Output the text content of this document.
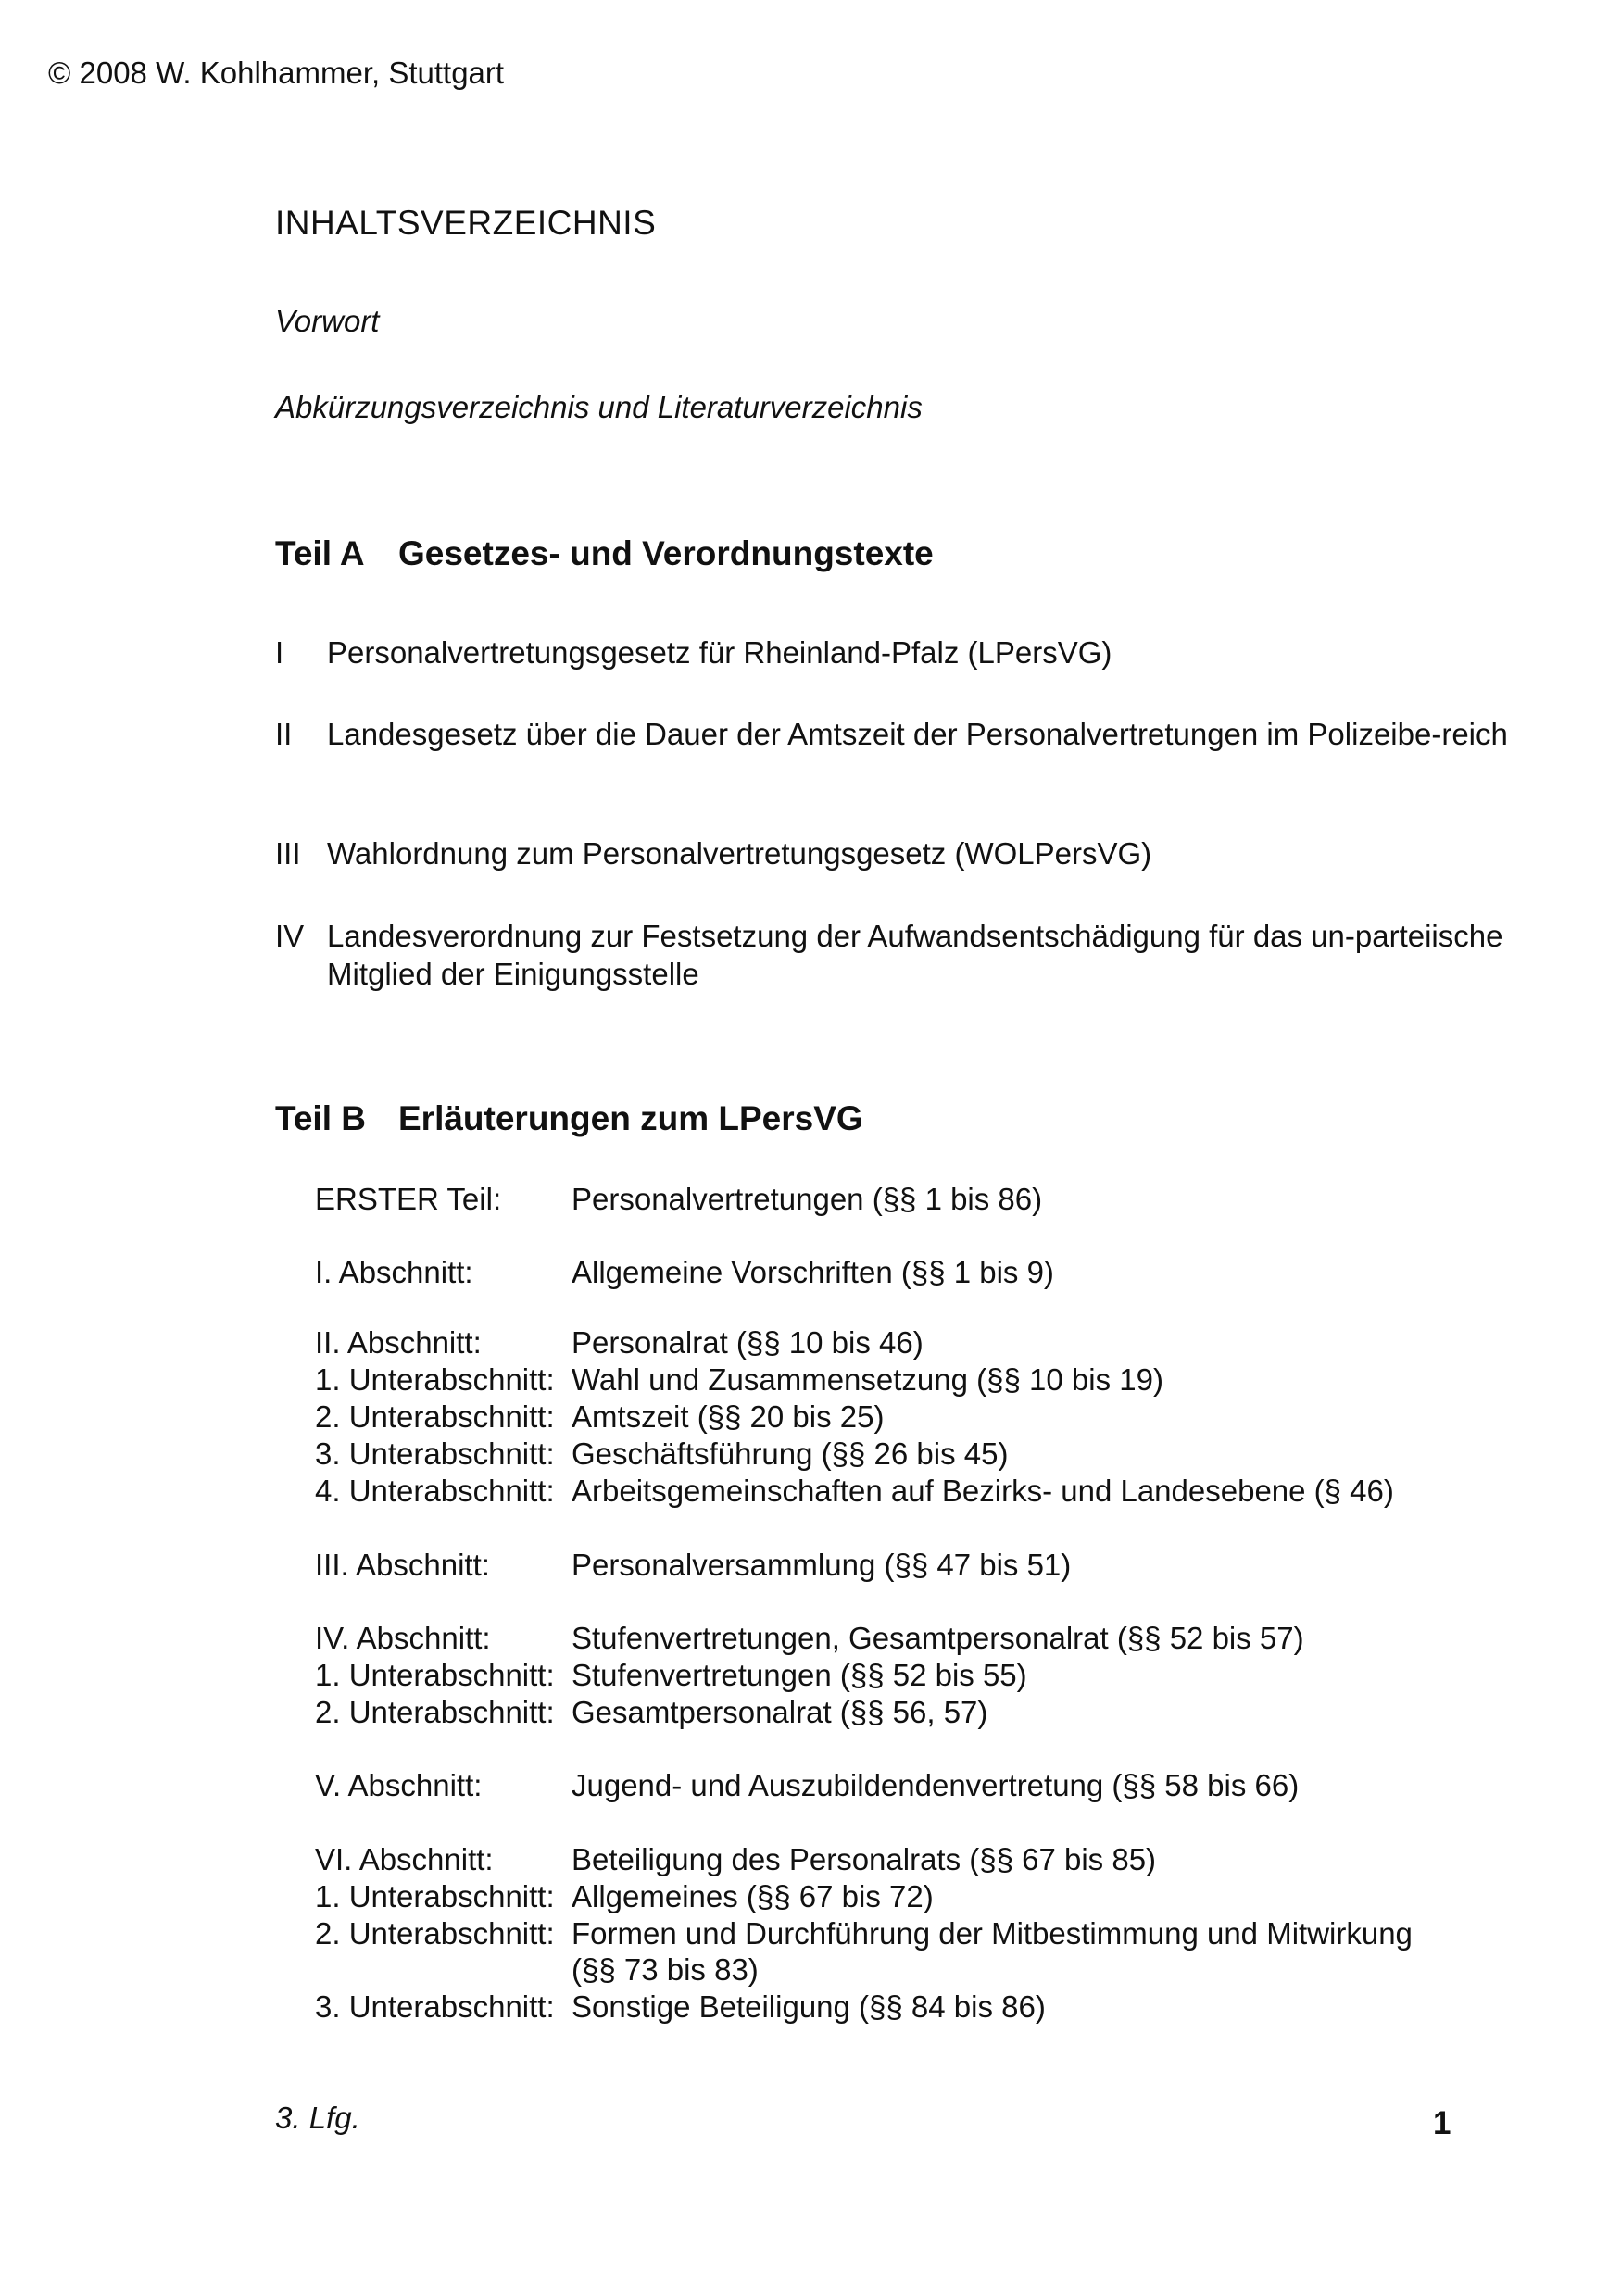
© 2008 W. Kohlhammer, Stuttgart
INHALTSVERZEICHNIS
Vorwort
Abkürzungsverzeichnis und Literaturverzeichnis
Teil A Gesetzes- und Verordnungstexte
I Personalvertretungsgesetz für Rheinland-Pfalz (LPersVG)
II Landesgesetz über die Dauer der Amtszeit der Personalvertretungen im Polizeibe-reich
III Wahlordnung zum Personalvertretungsgesetz (WOLPersVG)
IV Landesverordnung zur Festsetzung der Aufwandsentschädigung für das un-parteiische Mitglied der Einigungsstelle
Teil B Erläuterungen zum LPersVG
ERSTER Teil: Personalvertretungen (§§ 1 bis 86)
I. Abschnitt:	Allgemeine Vorschriften (§§ 1 bis 9)
II. Abschnitt:	Personalrat (§§ 10 bis 46)
1. Unterabschnitt: Wahl und Zusammensetzung (§§ 10 bis 19)
2. Unterabschnitt: Amtszeit (§§ 20 bis 25)
3. Unterabschnitt: Geschäftsführung (§§ 26 bis 45)
4. Unterabschnitt: Arbeitsgemeinschaften auf Bezirks- und Landesebene (§ 46)
III. Abschnitt:	Personalversammlung (§§ 47 bis 51)
IV. Abschnitt:	Stufenvertretungen, Gesamtpersonalrat (§§ 52 bis 57)
1. Unterabschnitt: Stufenvertretungen (§§ 52 bis 55)
2. Unterabschnitt: Gesamtpersonalrat (§§ 56, 57)
V. Abschnitt:	Jugend- und Auszubildendenvertretung (§§ 58 bis 66)
VI. Abschnitt:	Beteiligung des Personalrats (§§ 67 bis 85)
1. Unterabschnitt: Allgemeines (§§ 67 bis 72)
2. Unterabschnitt: Formen und Durchführung der Mitbestimmung und Mitwirkung
(§§ 73 bis 83)
3. Unterabschnitt: Sonstige Beteiligung (§§ 84 bis 86)
3. Lfg.	1
